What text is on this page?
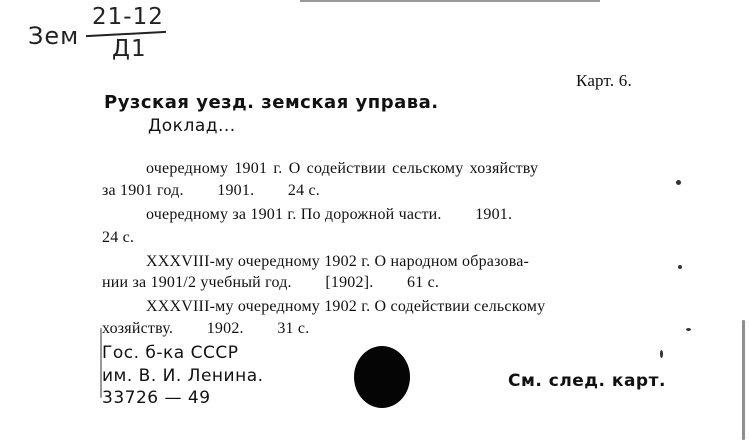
Зем
21-12
Д1
Карт. 6.
Рузская уезд. земская управа.
Доклад...
очередному 1901 г. О содействии сельскому хозяйству
за 1901 год.        1901.        24 с.
очередному за 1901 г. По дорожной части.        1901.
24 с.
XXXVIII-му очередному 1902 г. О народном образова-
нии за 1901/2 учебный год.        [1902].        61 с.
XXXVIII-му очередному 1902 г. О содействии сельскому
хозяйству.        1902.        31 с.
Гос. б-ка СССР
им. В. И. Ленина.
33726 — 49
См. след. карт.
